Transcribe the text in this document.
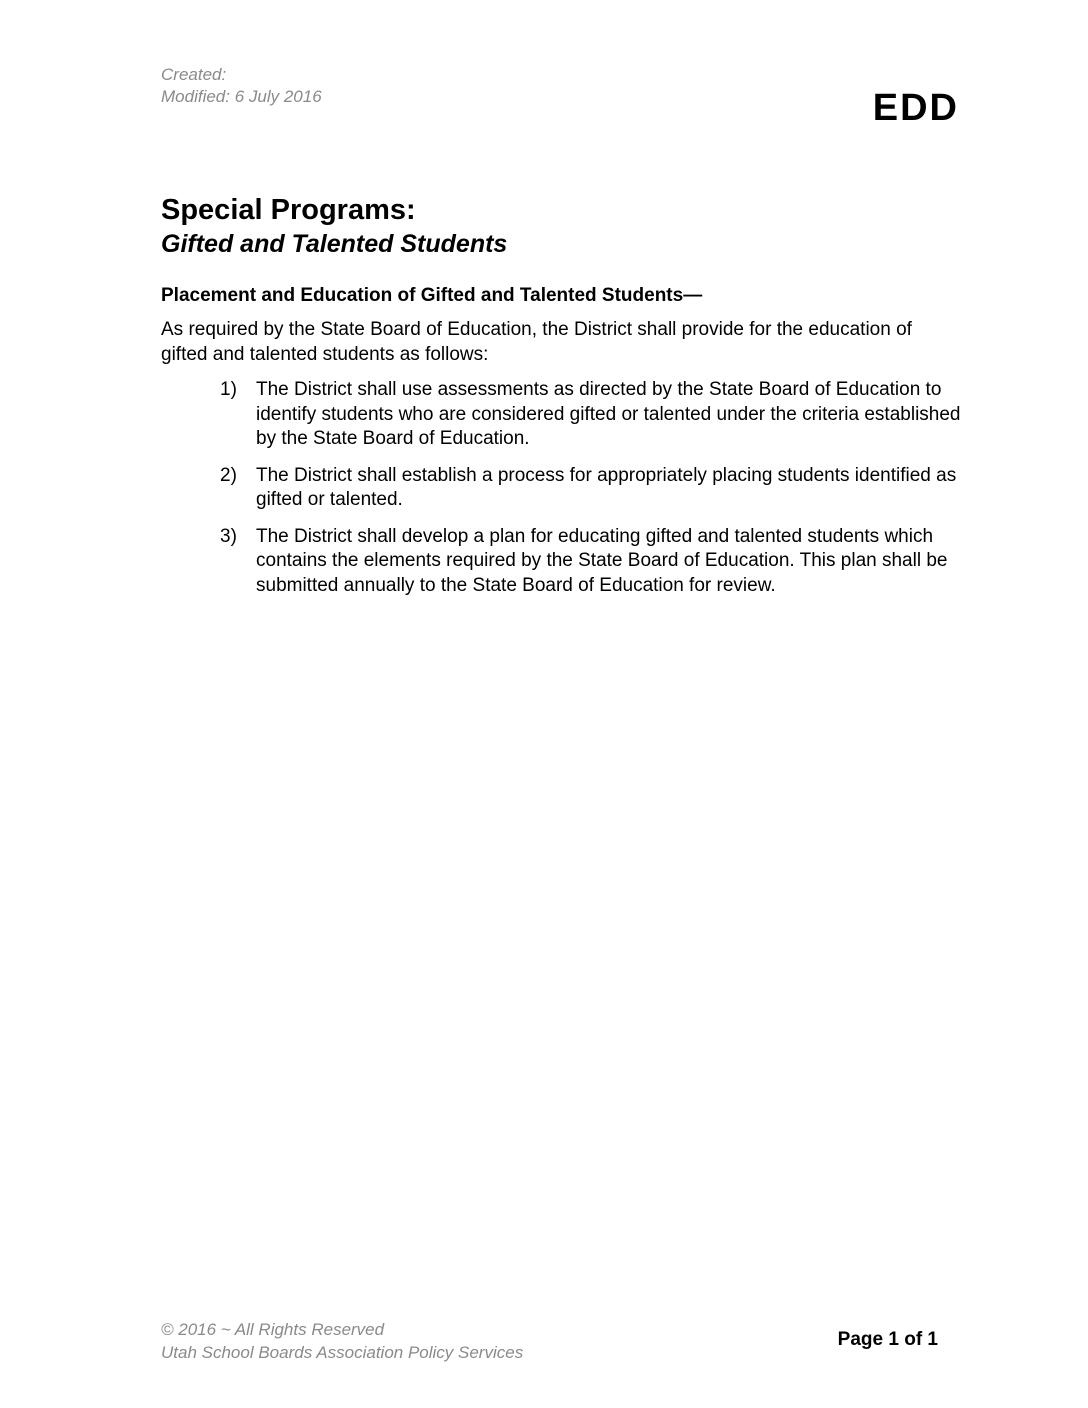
Created:
Modified: 6 July 2016	EDD
Special Programs:
Gifted and Talented Students
Placement and Education of Gifted and Talented Students—
As required by the State Board of Education, the District shall provide for the education of gifted and talented students as follows:
1) The District shall use assessments as directed by the State Board of Education to identify students who are considered gifted or talented under the criteria established by the State Board of Education.
2) The District shall establish a process for appropriately placing students identified as gifted or talented.
3) The District shall develop a plan for educating gifted and talented students which contains the elements required by the State Board of Education. This plan shall be submitted annually to the State Board of Education for review.
© 2016 ~ All Rights Reserved
Utah School Boards Association Policy Services
Page 1 of 1
